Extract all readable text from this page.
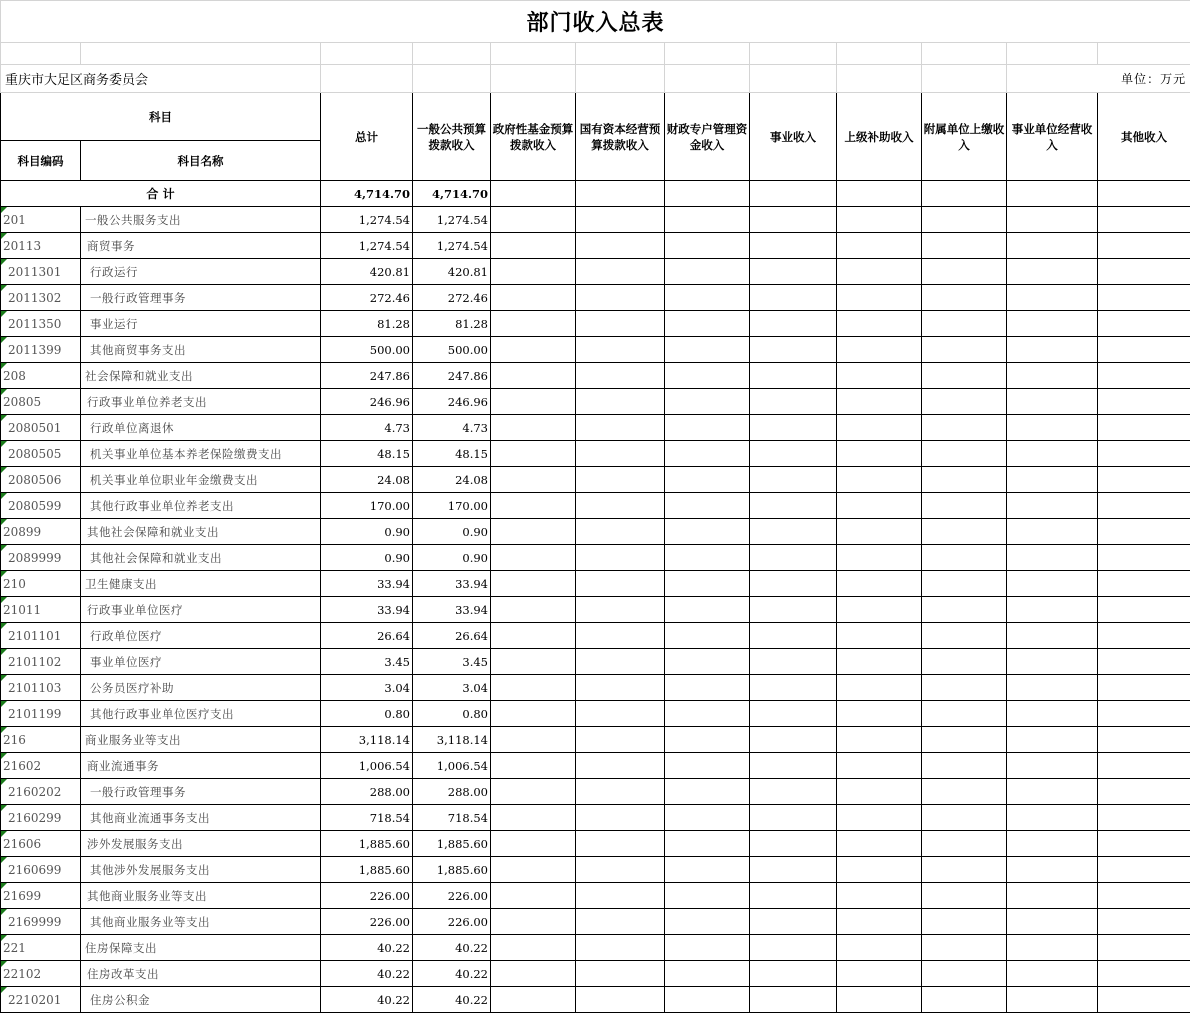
部门收入总表											

重庆市大足区商务委员会										单位：万元	
科目		总计	一般公共预算拨款收入	政府性基金预算拨款收入	国有资本经营预算拨款收入	财政专户管理资金收入	事业收入	上级补助收入	附属单位上缴收入	事业单位经营收入	其他收入
科目编码	科目名称										
合 计		4,714.70	4,714.70								
201	一般公共服务支出	1,274.54	1,274.54								
20113	商贸事务	1,274.54	1,274.54								
2011301	行政运行	420.81	420.81								
2011302	一般行政管理事务	272.46	272.46								
2011350	事业运行	81.28	81.28								
2011399	其他商贸事务支出	500.00	500.00								
208	社会保障和就业支出	247.86	247.86								
20805	行政事业单位养老支出	246.96	246.96								
2080501	行政单位离退休	4.73	4.73								
2080505	机关事业单位基本养老保险缴费支出	48.15	48.15								
2080506	机关事业单位职业年金缴费支出	24.08	24.08								
2080599	其他行政事业单位养老支出	170.00	170.00								
20899	其他社会保障和就业支出	0.90	0.90								
2089999	其他社会保障和就业支出	0.90	0.90								
210	卫生健康支出	33.94	33.94								
21011	行政事业单位医疗	33.94	33.94								
2101101	行政单位医疗	26.64	26.64								
2101102	事业单位医疗	3.45	3.45								
2101103	公务员医疗补助	3.04	3.04								
2101199	其他行政事业单位医疗支出	0.80	0.80								
216	商业服务业等支出	3,118.14	3,118.14								
21602	商业流通事务	1,006.54	1,006.54								
2160202	一般行政管理事务	288.00	288.00								
2160299	其他商业流通事务支出	718.54	718.54								
21606	涉外发展服务支出	1,885.60	1,885.60								
2160699	其他涉外发展服务支出	1,885.60	1,885.60								
21699	其他商业服务业等支出	226.00	226.00								
2169999	其他商业服务业等支出	226.00	226.00								
221	住房保障支出	40.22	40.22								
22102	住房改革支出	40.22	40.22								
2210201	住房公积金	40.22	40.22								
